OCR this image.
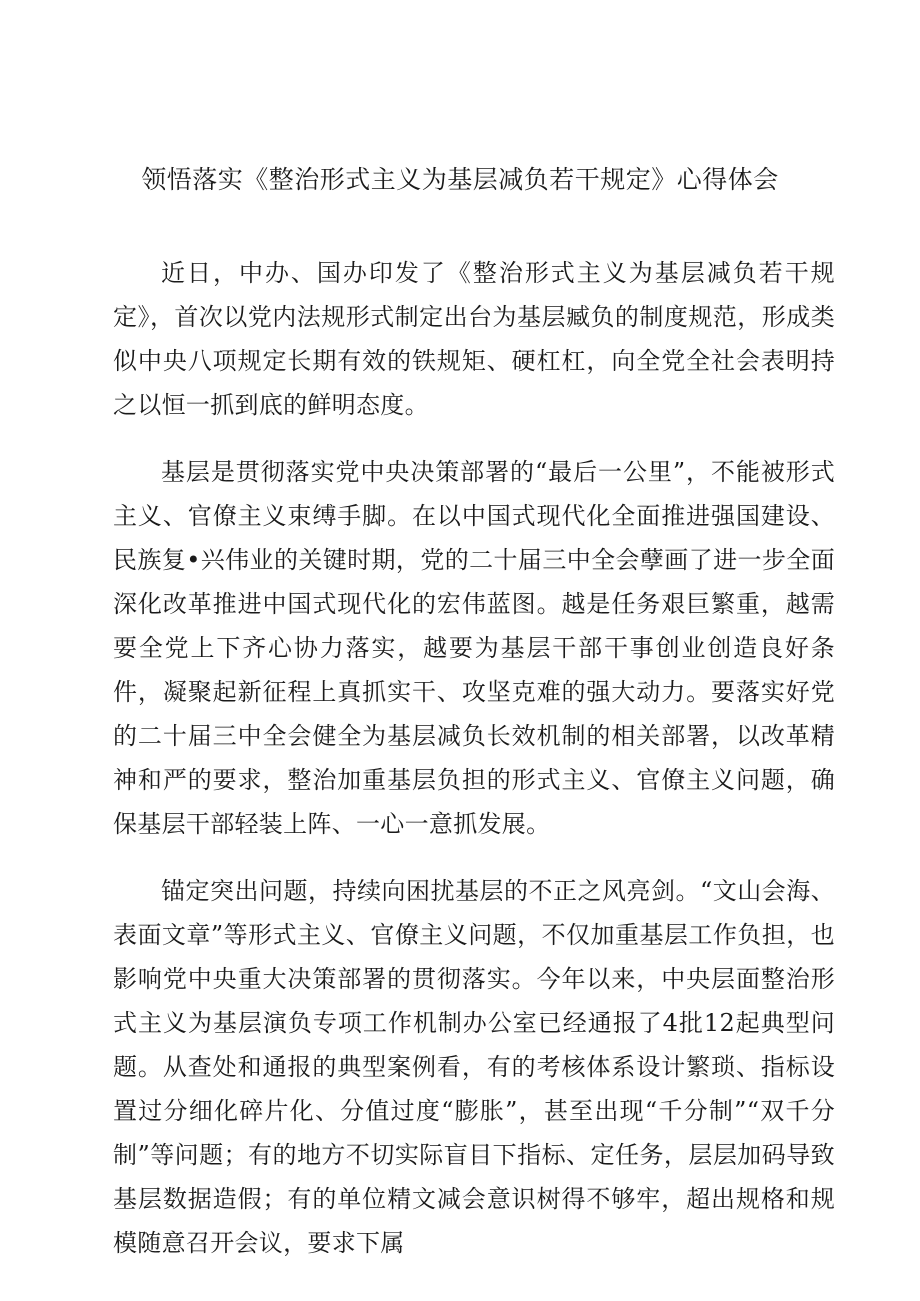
领悟落实《整治形式主义为基层减负若干规定》心得体会

近日，中办、国办印发了《整治形式主义为基层减负若干规定》，首次以党内法规形式制定出台为基层臧负的制度规范，形成类似中央八项规定长期有效的铁规矩、硬杠杠，向全党全社会表明持之以恒一抓到底的鲜明态度。

基层是贯彻落实党中央决策部署的“最后一公里”，不能被形式主义、官僚主义束缚手脚。在以中国式现代化全面推进强国建设、民族复•兴伟业的关键时期，党的二十届三中全会孽画了进一步全面深化改革推进中国式现代化的宏伟蓝图。越是任务艰巨繁重，越需要全党上下齐心协力落实，越要为基层干部干事创业创造良好条件，凝聚起新征程上真抓实干、攻坚克难的强大动力。要落实好党的二十届三中全会健全为基层减负长效机制的相关部署，以改革精神和严的要求，整治加重基层负担的形式主义、官僚主义问题，确保基层干部轻装上阵、一心一意抓发展。

锚定突出问题，持续向困扰基层的不正之风亮剑。“文山会海、表面文章”等形式主义、官僚主义问题，不仅加重基层工作负担，也影响党中央重大决策部署的贯彻落实。今年以来，中央层面整治形式主义为基层演负专项工作机制办公室已经通报了4批12起典型问题。从查处和通报的典型案例看，有的考核体系设计繁琐、指标设置过分细化碎片化、分值过度“膨胀”，甚至出现“千分制”“双千分制”等问题；有的地方不切实际盲目下指标、定任务，层层加码导致基层数据造假；有的单位精文减会意识树得不够牢，超出规格和规模随意召开会议，要求下属
